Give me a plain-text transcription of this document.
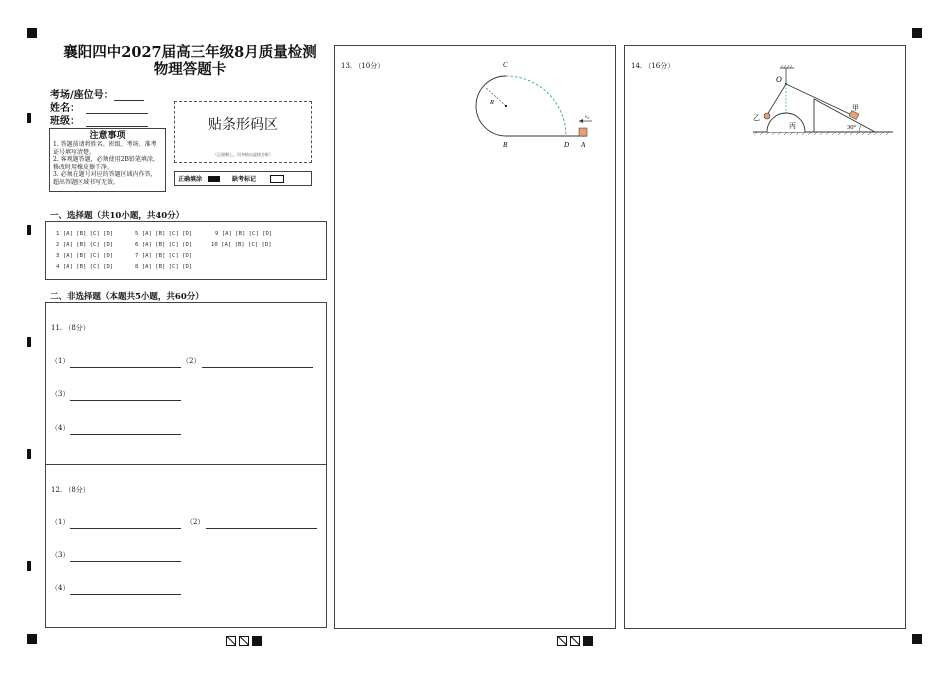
襄阳四中2027届高三年级8月质量检测
物理答题卡
考场/座位号：
姓名：
班级：
注意事项
1. 答题前请将姓名、班级、考场、准考证号填写清楚。
2. 客观题答题，必须使用2B铅笔填涂，修改时用橡皮擦干净。
3. 必须在题号对应的答题区域内作答，超出答题区域书写无效。
贴条形码区
（正面朝上，切勿贴出虚线方框）
正确填涂	缺考标记
一、选择题（共10小题，共40分）
1 [A] [B] [C] [D]
2 [A] [B] [C] [D]
3 [A] [B] [C] [D]
4 [A] [B] [C] [D]
5 [A] [B] [C] [D]
6 [A] [B] [C] [D]
7 [A] [B] [C] [D]
8 [A] [B] [C] [D]
9 [A] [B] [C] [D]
10 [A] [B] [C] [D]
二、非选择题（本题共5小题，共60分）
11. （8分）
（1）	（2）
（3）
（4）
12. （8分）
（1）	（2）
（3）
（4）
13. （10分）	C
R
B	D A
v₀
14. （16分）
O
甲
乙
丙	30°
